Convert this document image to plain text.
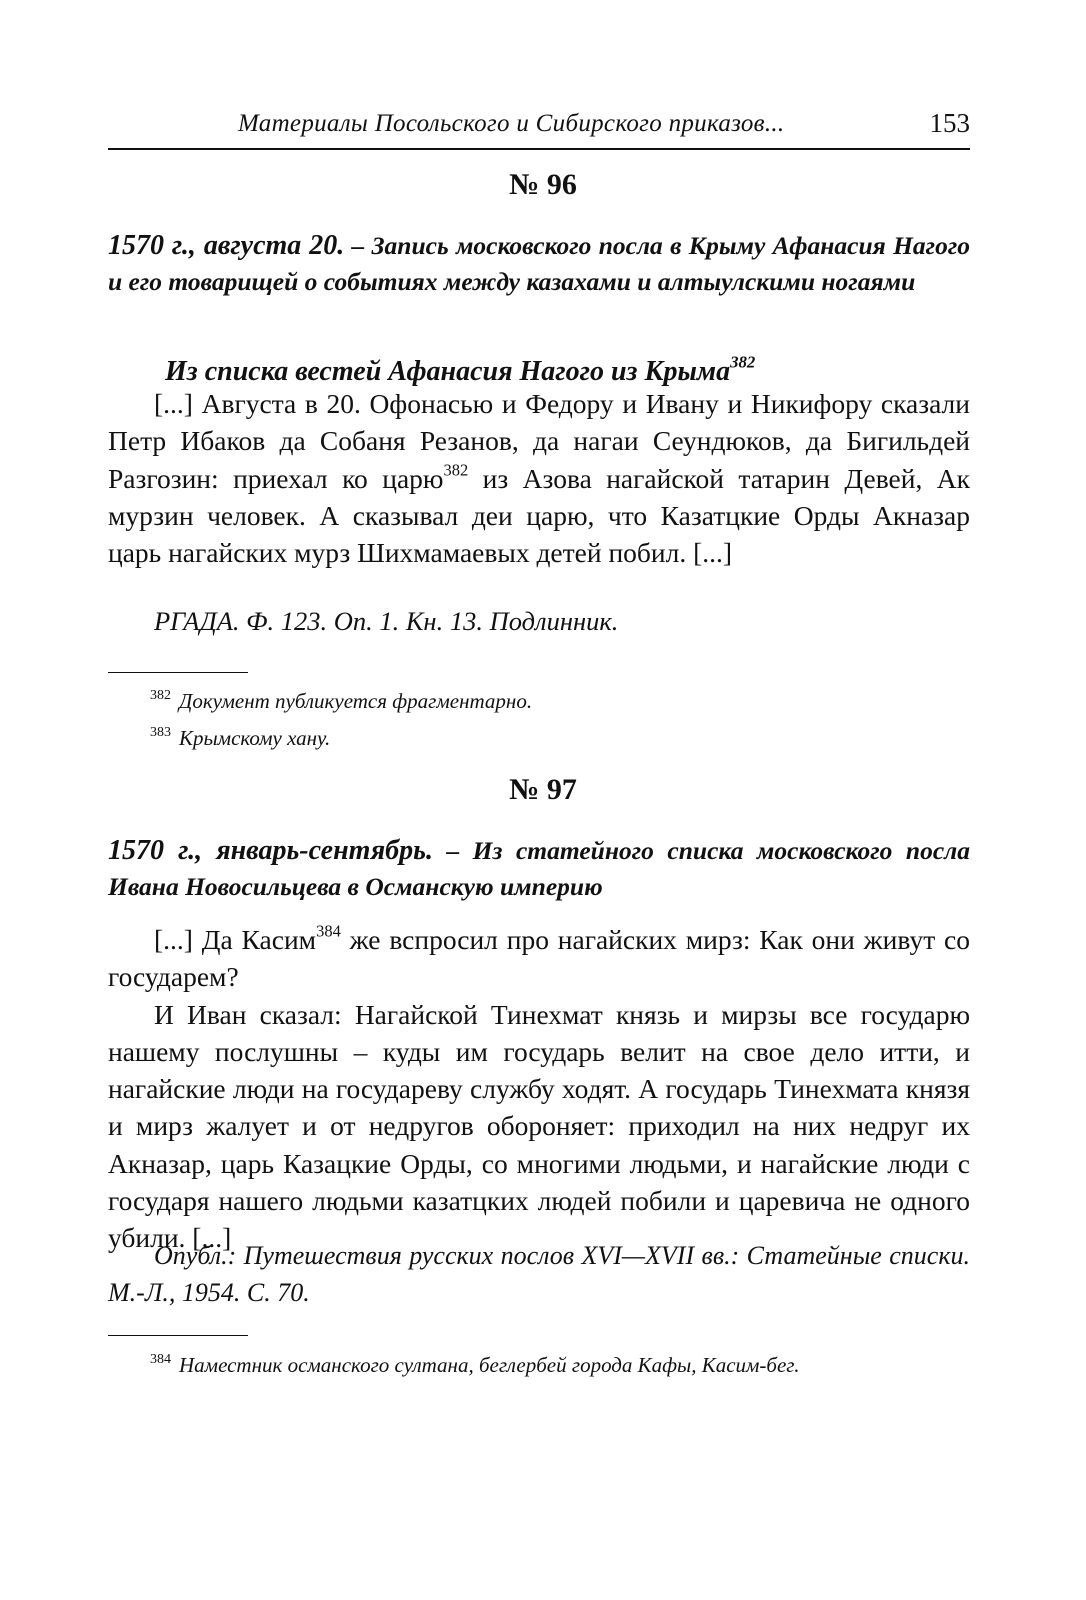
Материалы Посольского и Сибирского приказов...	153
№ 96
1570 г., августа 20. – Запись московского посла в Крыму Афанасия Нагого и его товарищей о событиях между казахами и алтыулскими ногаями
Из списка вестей Афанасия Нагого из Крыма$^{382}$

[...] Августа в 20. Офонасью и Федору и Ивану и Никифору сказали Петр Ибаков да Собаня Резанов, да нагаи Сеундюков, да Бигильдей Разгозин: приехал ко царю$^{382}$ из Азова нагайской татарин Девей, Ак мурзин человек. А сказывал деи царю, что Казатцкие Орды Акназар царь нагайских мурз Шихмамаевых детей побил. [...]

РГАДА. Ф. 123. Оп. 1. Кн. 13. Подлинник.
$^{382}$ Документ публикуется фрагментарно.
$^{383}$ Крымскому хану.
№ 97
1570 г., январь-сентябрь. – Из статейного списка московского посла Ивана Новосильцева в Османскую империю

[...] Да Касим$^{384}$ же вспросил про нагайских мирз: Как они живут со государем?

И Иван сказал: Нагайской Тинехмат князь и мирзы все государю нашему послушны – куды им государь велит на свое дело итти, и нагайские люди на государеву службу ходят. А государь Тинехмата князя и мирз жалует и от недругов обороняет: приходил на них недруг их Акназар, царь Казацкие Орды, со многими людьми, и нагайские люди с государя нашего людьми казатцких людей побили и царевича не одного убили. [...]

Опубл.: Путешествия русских послов XVI—XVII вв.: Статейные списки. М.-Л., 1954. С. 70.
$^{384}$ Наместник османского султана, беглербей города Кафы, Касим-бег.
